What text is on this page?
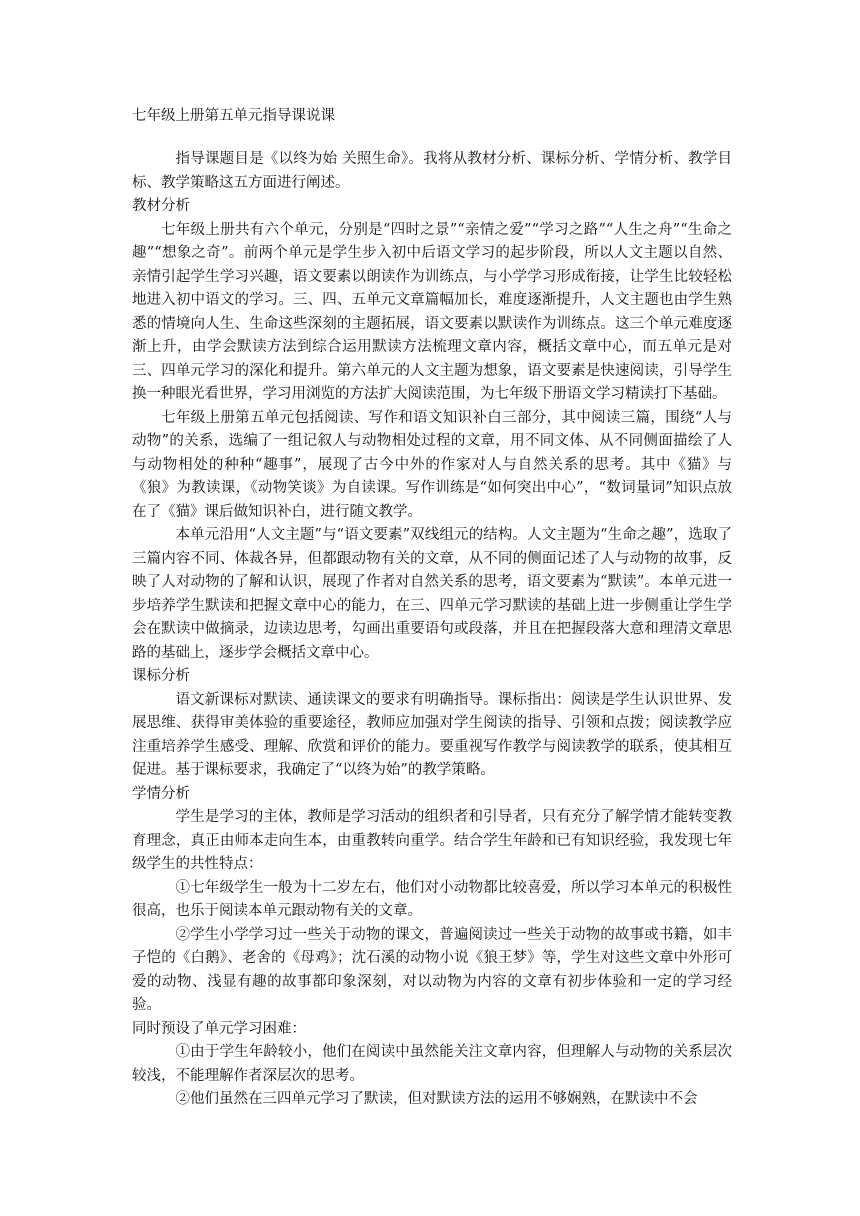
七年级上册第五单元指导课说课

指导课题目是《以终为始 关照生命》。我将从教材分析、课标分析、学情分析、教学目标、教学策略这五方面进行阐述。

教材分析

七年级上册共有六个单元，分别是“四时之景”“亲情之爱”“学习之路”“人生之舟”“生命之趣”“想象之奇”。前两个单元是学生步入初中后语文学习的起步阶段，所以人文主题以自然、亲情引起学生学习兴趣，语文要素以朗读作为训练点，与小学学习形成衔接，让学生比较轻松地进入初中语文的学习。三、四、五单元文章篇幅加长，难度逐渐提升，人文主题也由学生熟悉的情境向人生、生命这些深刻的主题拓展，语文要素以默读作为训练点。这三个单元难度逐渐上升，由学会默读方法到综合运用默读方法梳理文章内容，概括文章中心，而五单元是对三、四单元学习的深化和提升。第六单元的人文主题为想象，语文要素是快速阅读，引导学生换一种眼光看世界，学习用浏览的方法扩大阅读范围，为七年级下册语文学习精读打下基础。

七年级上册第五单元包括阅读、写作和语文知识补白三部分，其中阅读三篇，围绕“人与动物”的关系，选编了一组记叙人与动物相处过程的文章，用不同文体、从不同侧面描绘了人与动物相处的种种“趣事”，展现了古今中外的作家对人与自然关系的思考。其中《猫》与《狼》为教读课，《动物笑谈》为自读课。写作训练是“如何突出中心”，“数词量词”知识点放在了《猫》课后做知识补白，进行随文教学。

本单元沿用“人文主题”与“语文要素”双线组元的结构。人文主题为“生命之趣”，选取了三篇内容不同、体裁各异，但都跟动物有关的文章，从不同的侧面记述了人与动物的故事，反映了人对动物的了解和认识，展现了作者对自然关系的思考，语文要素为“默读”。本单元进一步培养学生默读和把握文章中心的能力，在三、四单元学习默读的基础上进一步侧重让学生学会在默读中做摘录，边读边思考，勾画出重要语句或段落，并且在把握段落大意和理清文章思路的基础上，逐步学会概括文章中心。

课标分析

语文新课标对默读、通读课文的要求有明确指导。课标指出：阅读是学生认识世界、发展思维、获得审美体验的重要途径，教师应加强对学生阅读的指导、引领和点拨；阅读教学应注重培养学生感受、理解、欣赏和评价的能力。要重视写作教学与阅读教学的联系，使其相互促进。基于课标要求，我确定了“以终为始”的教学策略。

学情分析

学生是学习的主体，教师是学习活动的组织者和引导者，只有充分了解学情才能转变教育理念，真正由师本走向生本，由重教转向重学。结合学生年龄和已有知识经验，我发现七年级学生的共性特点：

①七年级学生一般为十二岁左右，他们对小动物都比较喜爱，所以学习本单元的积极性很高，也乐于阅读本单元跟动物有关的文章。

②学生小学学习过一些关于动物的课文，普遍阅读过一些关于动物的故事或书籍，如丰子恺的《白鹅》、老舍的《母鸡》；沈石溪的动物小说《狼王梦》等，学生对这些文章中外形可爱的动物、浅显有趣的故事都印象深刻，对以动物为内容的文章有初步体验和一定的学习经验。

同时预设了单元学习困难：

①由于学生年龄较小，他们在阅读中虽然能关注文章内容，但理解人与动物的关系层次较浅，不能理解作者深层次的思考。

②他们虽然在三四单元学习了默读，但对默读方法的运用不够娴熟，在默读中不会
